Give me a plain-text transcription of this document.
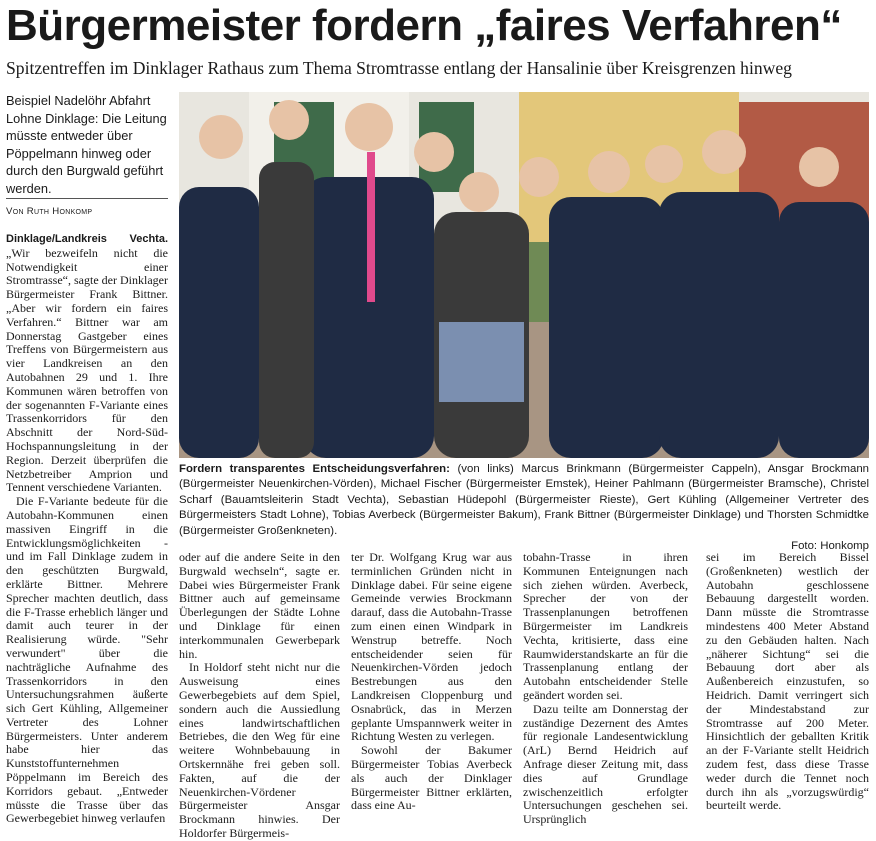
Bürgermeister fordern „faires Verfahren“
Spitzentreffen im Dinklager Rathaus zum Thema Stromtrasse entlang der Hansalinie über Kreisgrenzen hinweg
Beispiel Nadelöhr Abfahrt Lohne Dinklage: Die Leitung müsste entweder über Pöppelmann hinweg oder durch den Burgwald geführt werden.
Von Ruth Honkomp

Dinklage/Landkreis Vechta. „Wir bezweifeln nicht die Notwendigkeit einer Stromtrasse“, sagte der Dinklager Bürgermeister Frank Bittner. „Aber wir fordern ein faires Verfahren.“ Bittner war am Donnerstag Gastgeber eines Treffens von Bürgermeistern aus vier Landkreisen an den Autobahnen 29 und 1. Ihre Kommunen wären betroffen von der sogenannten F-Variante eines Trassenkorridors für den Abschnitt der Nord-Süd-Hochspannungsleitung in der Region. Derzeit überprüfen die Netzbetreiber Amprion und Tennent verschiedene Varianten.

Die F-Variante bedeute für die Autobahn-Kommunen einen massiven Eingriff in die Entwicklungsmöglichkeiten - und im Fall Dinklage zudem in den geschützten Burgwald, erklärte Bittner. Mehrere Sprecher machten deutlich, dass die F-Trasse erheblich länger und damit auch teurer in der Realisierung würde. "Sehr verwundert" über die nachträgliche Aufnahme des Trassenkorridors in den Untersuchungsrahmen äußerte sich Gert Kühling, Allgemeiner Vertreter des Lohner Bürgermeisters. Unter anderem habe hier das Kunststoffunternehmen Pöppelmann im Bereich des Korridors gebaut. „Entweder müsste die Trasse über das Gewerbegebiet hinweg verlaufen

Fordern transparentes Entscheidungsverfahren: (von links) Marcus Brinkmann (Bürgermeister Cappeln), Ansgar Brockmann (Bürgermeister Neuenkirchen-Vörden), Michael Fischer (Bürgermeister Emstek), Heiner Pahlmann (Bürgermeister Bramsche), Christel Scharf (Bauamtsleiterin Stadt Vechta), Sebastian Hüdepohl (Bürgermeister Rieste), Gert Kühling (Allgemeiner Vertreter des Bürgermeisters Stadt Lohne), Tobias Averbeck (Bürgermeister Bakum), Frank Bittner (Bürgermeister Dinklage) und Thorsten Schmidtke (Bürgermeister Großenkneten).
Foto: Honkomp

oder auf die andere Seite in den Burgwald wechseln“, sagte er. Dabei wies Bürgermeister Frank Bittner auch auf gemeinsame Überlegungen der Städte Lohne und Dinklage für einen interkommunalen Gewerbepark hin.

In Holdorf steht nicht nur die Ausweisung eines Gewerbegebiets auf dem Spiel, sondern auch die Aussiedlung eines landwirtschaftlichen Betriebes, die den Weg für eine weitere Wohnbebauung in Ortskernnähe frei geben soll. Fakten, auf die der Neuenkirchen-Vördener Bürgermeister Ansgar Brockmann hinwies. Der Holdorfer Bürgermeis-

ter Dr. Wolfgang Krug war aus terminlichen Gründen nicht in Dinklage dabei. Für seine eigene Gemeinde verwies Brockmann darauf, dass die Autobahn-Trasse zum einen einen Windpark in Wenstrup betreffe. Noch entscheidender seien für Neuenkirchen-Vörden jedoch Bestrebungen aus den Landkreisen Cloppenburg und Osnabrück, das in Merzen geplante Umspannwerk weiter in Richtung Westen zu verlegen.

Sowohl der Bakumer Bürgermeister Tobias Averbeck als auch der Dinklager Bürgermeister Bittner erklärten, dass eine Au-

tobahn-Trasse in ihren Kommunen Enteignungen nach sich ziehen würden. Averbeck, Sprecher der von der Trassenplanungen betroffenen Bürgermeister im Landkreis Vechta, kritisierte, dass eine Raumwiderstandskarte an für die Trassenplanung entlang der Autobahn entscheidender Stelle geändert worden sei.

Dazu teilte am Donnerstag der zuständige Dezernent des Amtes für regionale Landesentwicklung (ArL) Bernd Heidrich auf Anfrage dieser Zeitung mit, dass dies auf Grundlage zwischenzeitlich erfolgter Untersuchungen geschehen sei. Ursprünglich

sei im Bereich Bissel (Großenkneten) westlich der Autobahn geschlossene Bebauung dargestellt worden. Dann müsste die Stromtrasse mindestens 400 Meter Abstand zu den Gebäuden halten. Nach „näherer Sichtung“ sei die Bebauung dort aber als Außenbereich einzustufen, so Heidrich. Damit verringert sich der Mindestabstand zur Stromtrasse auf 200 Meter. Hinsichtlich der geballten Kritik an der F-Variante stellt Heidrich zudem fest, dass diese Trasse weder durch die Tennet noch durch ihn als „vorzugswürdig“ beurteilt werde.
